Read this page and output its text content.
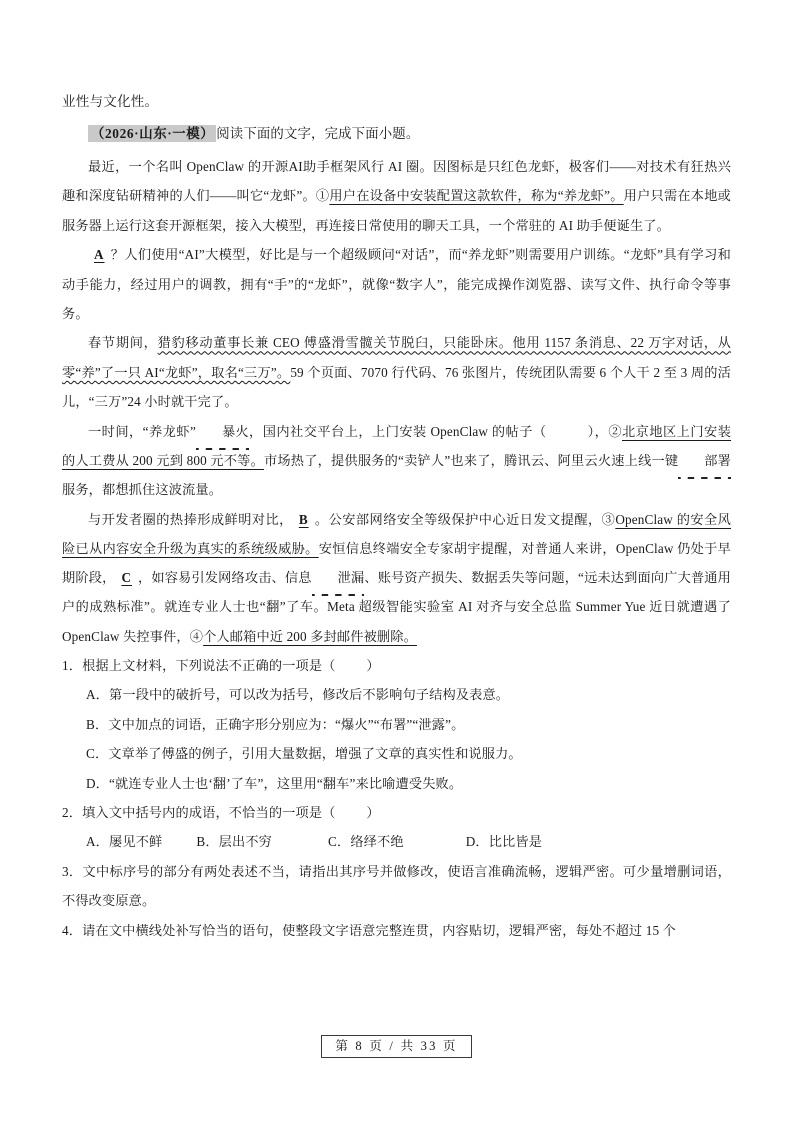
业性与文化性。

（2026·山东·一模） 阅读下面的文字，完成下面小题。

最近，一个名叫 OpenClaw 的开源AI助手框架风行 AI 圈。因图标是只红色龙虾，极客们——对技术有狂热兴趣和深度钻研精神的人们——叫它“龙虾”。①用户在设备中安装配置这款软件，称为“养龙虾”。用户只需在本地或服务器上运行这套开源框架，接入大模型，再连接日常使用的聊天工具，一个常驻的 AI 助手便诞生了。

A ？人们使用“AI”大模型，好比是与一个超级顾问“对话”，而“养龙虾”则需要用户训练。“龙虾”具有学习和动手能力，经过用户的调教，拥有“手”的“龙虾”，就像“数字人”，能完成操作浏览器、读写文件、执行命令等事务。

春节期间，猎豹移动董事长兼 CEO 傅盛滑雪髋关节脱臼，只能卧床。他用 1157 条消息、22 万字对话，从零“养”了一只 AI“龙虾”，取名“三万”。59 个页面、7070 行代码、76 张图片，传统团队需要 6 个人干 2 至 3 周的活儿，“三万”24 小时就干完了。

一时间，“养龙虾” 暴火，国内社交平台上，上门安装 OpenClaw 的帖子（　　	），②北京地区上门安装的人工费从 200 元到 800 元不等。市场热了，提供服务的“卖铲人”也来了，腾讯云、阿里云火速上线一键 部署服务，都想抓住这波流量。

与开发者圈的热捧形成鲜明对比， B 。公安部网络安全等级保护中心近日发文提醒，③OpenClaw 的安全风险已从内容安全升级为真实的系统级威胁。安恒信息终端安全专家胡宇提醒，对普通人来讲，OpenClaw 仍处于早期阶段， C ，如容易引发网络攻击、信息 泄漏、账号资产损失、数据丢失等问题，“远未达到面向广大普通用户的成熟标准”。就连专业人士也“翻”了车。Meta 超级智能实验室 AI 对齐与安全总监 Summer Yue 近日就遭遇了 OpenClaw 失控事件，④个人邮箱中近 200 多封邮件被删除。

1．根据上文材料，下列说法不正确的一项是（ ）

A．第一段中的破折号，可以改为括号，修改后不影响句子结构及表意。

B．文中加点的词语，正确字形分别应为：“爆火”“布署”“泄露”。

C．文章举了傅盛的例子，引用大量数据，增强了文章的真实性和说服力。

D．“就连专业人士也‘翻’了车”，这里用“翻车”来比喻遭受失败。

2．填入文中括号内的成语，不恰当的一项是（ ）

A．屡见不鲜	B．层出不穷	C．络绎不绝	D．比比皆是

3．文中标序号的部分有两处表述不当，请指出其序号并做修改，使语言准确流畅，逻辑严密。可少量增删词语，不得改变原意。

4．请在文中横线处补写恰当的语句，使整段文字语意完整连贯，内容贴切，逻辑严密，每处不超过 15 个

第 8 页 / 共 33 页
